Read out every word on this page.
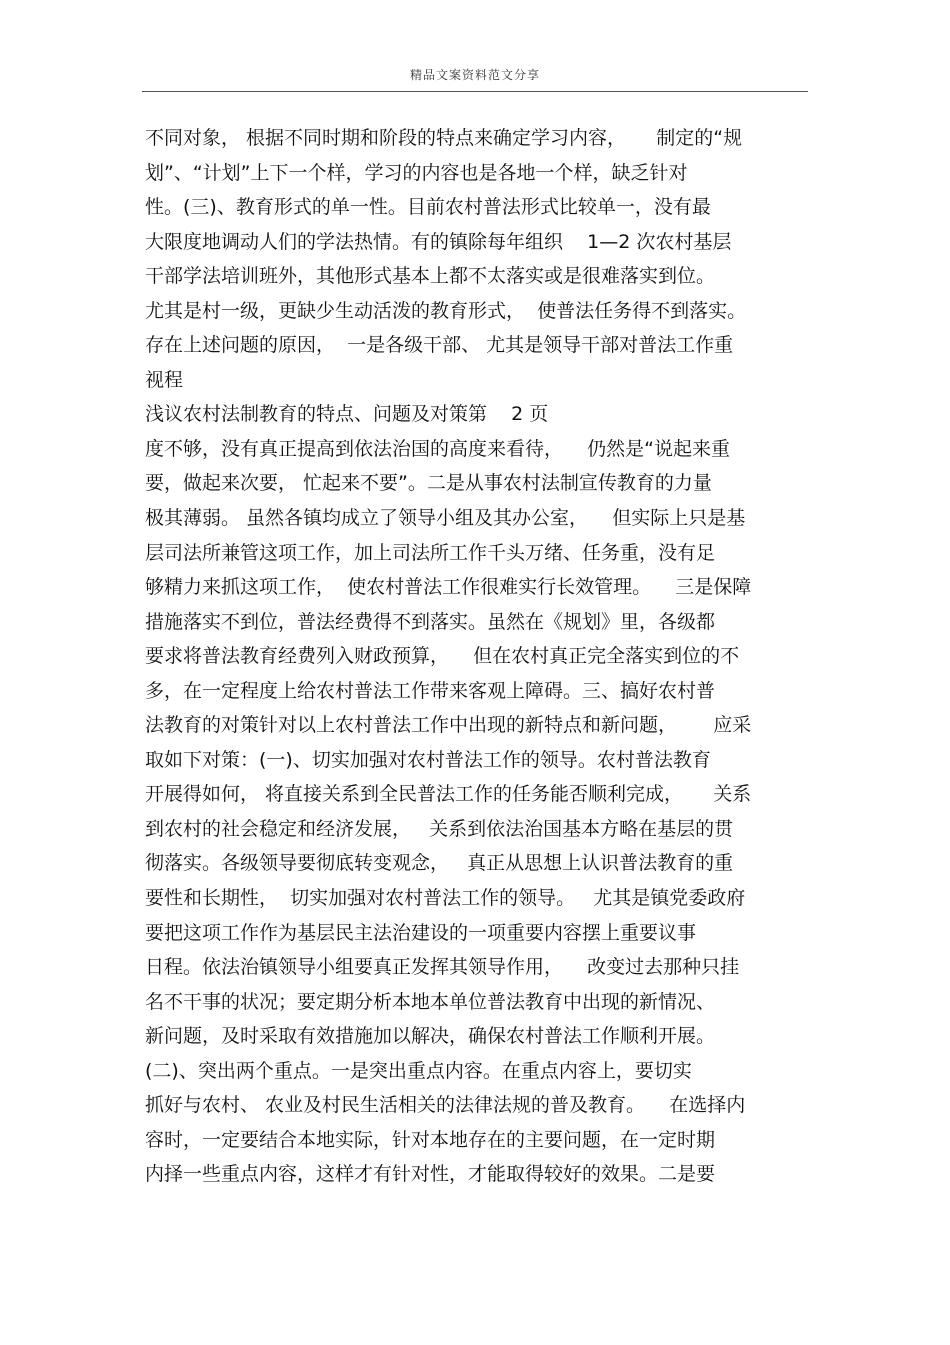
精品文案资料范文分享
不同对象， 根据不同时期和阶段的特点来确定学习内容，     制定的“规
划”、“计划”上下一个样，学习的内容也是各地一个样，缺乏针对
性。(三)、教育形式的单一性。目前农村普法形式比较单一，没有最
大限度地调动人们的学法热情。有的镇除每年组织    1—2 次农村基层
干部学法培训班外，其他形式基本上都不太落实或是很难落实到位。
尤其是村一级，更缺少生动活泼的教育形式，  使普法任务得不到落实。
存在上述问题的原因，  一是各级干部、 尤其是领导干部对普法工作重
视程
浅议农村法制教育的特点、问题及对策第    2 页
度不够，没有真正提高到依法治国的高度来看待，    仍然是“说起来重
要，做起来次要， 忙起来不要”。二是从事农村法制宣传教育的力量
极其薄弱。 虽然各镇均成立了领导小组及其办公室，    但实际上只是基
层司法所兼管这项工作，加上司法所工作千头万绪、任务重，没有足
够精力来抓这项工作，  使农村普法工作很难实行长效管理。    三是保障
措施落实不到位，普法经费得不到落实。虽然在《规划》里，各级都
要求将普法教育经费列入财政预算，    但在农村真正完全落实到位的不
多，在一定程度上给农村普法工作带来客观上障碍。三、搞好农村普
法教育的对策针对以上农村普法工作中出现的新特点和新问题，      应采
取如下对策：(一)、切实加强对农村普法工作的领导。农村普法教育
开展得如何， 将直接关系到全民普法工作的任务能否顺利完成，     关系
到农村的社会稳定和经济发展，   关系到依法治国基本方略在基层的贯
彻落实。各级领导要彻底转变观念，   真正从思想上认识普法教育的重
要性和长期性，  切实加强对农村普法工作的领导。   尤其是镇党委政府
要把这项工作作为基层民主法治建设的一项重要内容摆上重要议事
日程。依法治镇领导小组要真正发挥其领导作用，    改变过去那种只挂
名不干事的状况；要定期分析本地本单位普法教育中出现的新情况、
新问题，及时采取有效措施加以解决，确保农村普法工作顺利开展。
(二)、突出两个重点。一是突出重点内容。在重点内容上，要切实
抓好与农村、 农业及村民生活相关的法律法规的普及教育。    在选择内
容时，一定要结合本地实际，针对本地存在的主要问题，在一定时期
内择一些重点内容，这样才有针对性，才能取得较好的效果。二是要
